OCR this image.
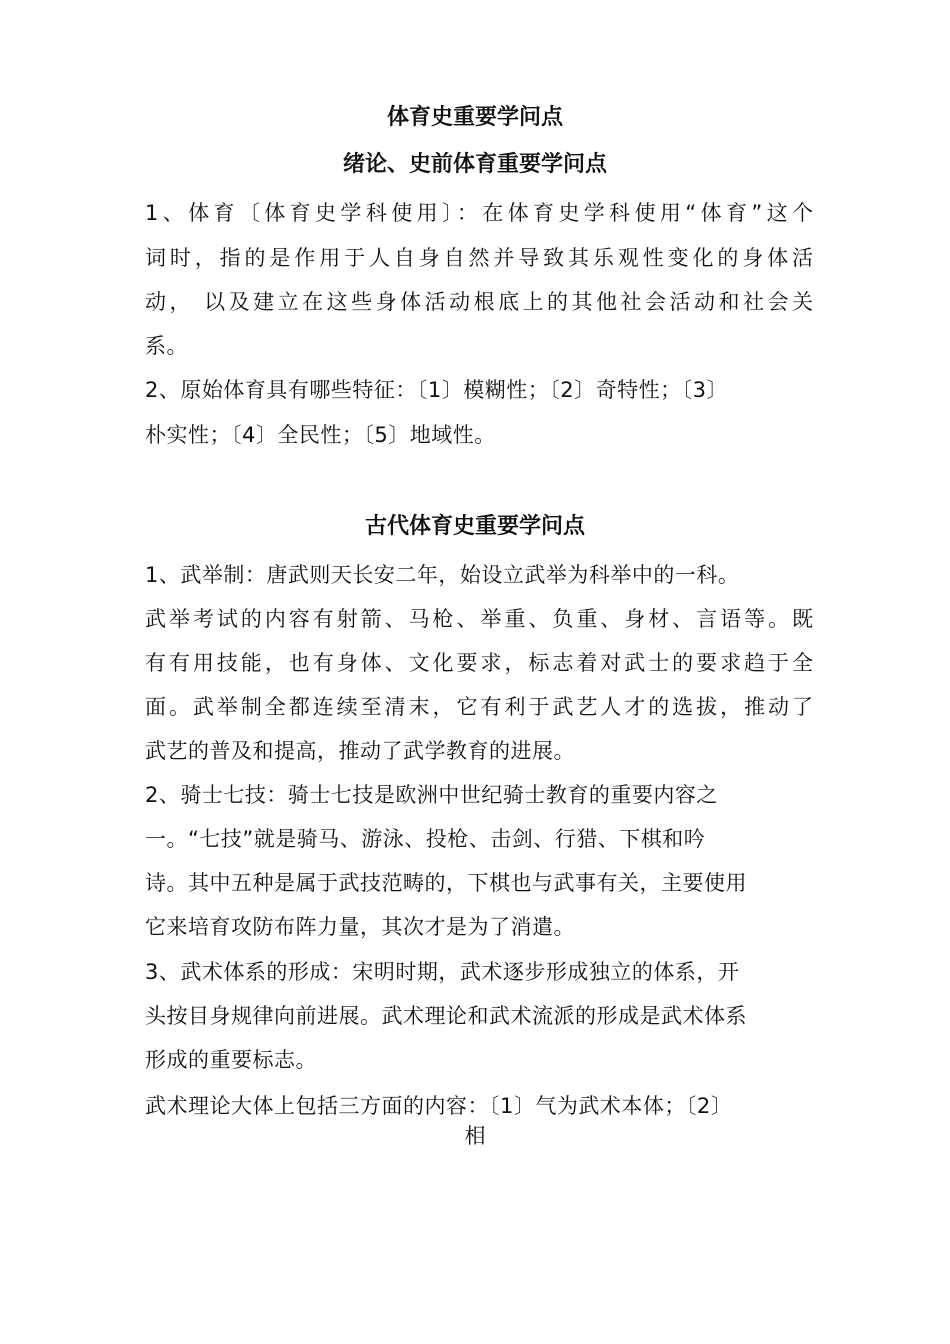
体育史重要学问点
绪论、史前体育重要学问点
1、体育〔体育史学科使用〕：在体育史学科使用“体育”这个
词时，指的是作用于人自身自然并导致其乐观性变化的身体活
动， 以及建立在这些身体活动根底上的其他社会活动和社会关
系。
2、原始体育具有哪些特征：〔1〕模糊性；〔2〕奇特性；〔3〕
朴实性；〔4〕全民性；〔5〕地域性。
古代体育史重要学问点
1、武举制：唐武则天长安二年，始设立武举为科举中的一科。
武举考试的内容有射箭、马枪、举重、负重、身材、言语等。既
有有用技能，也有身体、文化要求，标志着对武士的要求趋于全
面。武举制全都连续至清末，它有利于武艺人才的选拔，推动了
武艺的普及和提高，推动了武学教育的进展。
2、骑士七技：骑士七技是欧洲中世纪骑士教育的重要内容之
一。“七技”就是骑马、游泳、投枪、击剑、行猎、下棋和吟
诗。其中五种是属于武技范畴的，下棋也与武事有关，主要使用
它来培育攻防布阵力量，其次才是为了消遣。
3、武术体系的形成：宋明时期，武术逐步形成独立的体系，开
头按目身规律向前进展。武术理论和武术流派的形成是武术体系
形成的重要标志。
武术理论大体上包括三方面的内容：〔1〕气为武术本体；〔2〕
相
